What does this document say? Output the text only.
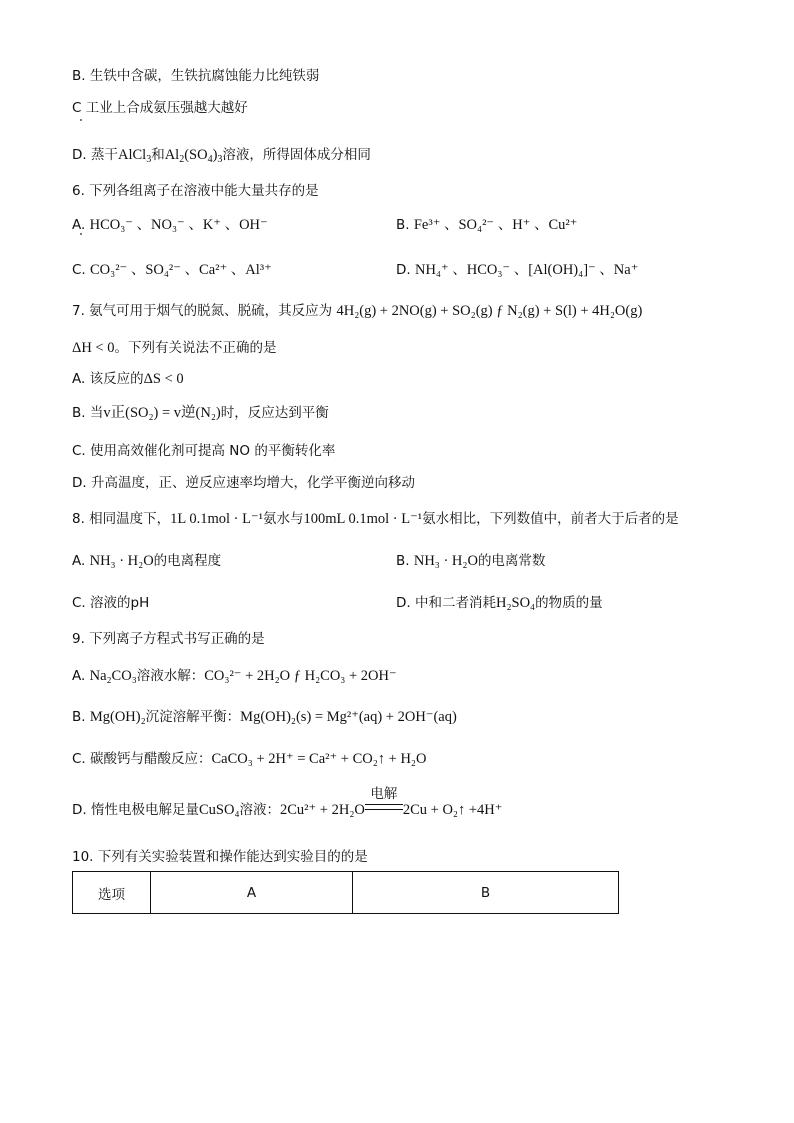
B. 生铁中含碳，生铁抗腐蚀能力比纯铁弱
C 工业上合成氨压强越大越好
D. 蒸干AlCl$_3$和$Al_2(SO_4)_3$溶液，所得固体成分相同
6. 下列各组离子在溶液中能大量共存的是
A. HCO₃⁻ 、NO₃⁻ 、K⁺ 、OH⁻	B. Fe³⁺ 、SO₄²⁻ 、H⁺ 、Cu²⁺
C. CO₃²⁻ 、SO₄²⁻ 、Ca²⁺ 、Al³⁺	D. NH₄⁺ 、HCO₃⁻ 、[Al(OH)₄]⁻ 、Na⁺
7. 氨气可用于烟气的脱氮、脱硫，其反应为 4H₂(g) + 2NO(g) + SO₂(g) ƒ N₂(g) + S(l) + 4H₂O(g)
ΔH < 0。下列有关说法不正确的是
A. 该反应的ΔS < 0
B. 当v正(SO₂) = v逆(N₂)时，反应达到平衡
C. 使用高效催化剂可提高 NO 的平衡转化率
D. 升高温度，正、逆反应速率均增大，化学平衡逆向移动
8. 相同温度下，1L 0.1mol · L⁻¹氨水与100mL 0.1mol · L⁻¹氨水相比，下列数值中，前者大于后者的是
A. NH₃ · H₂O的电离程度	B. NH₃ · H₂O的电离常数
C. 溶液的pH	D. 中和二者消耗H₂SO₄的物质的量
9. 下列离子方程式书写正确的是
A. Na₂CO₃溶液水解：CO₃²⁻ + 2H₂O ƒ H₂CO₃ + 2OH⁻
B. Mg(OH)₂沉淀溶解平衡：Mg(OH)₂(s) = Mg²⁺(aq) + 2OH⁻(aq)
C. 碳酸钙与醋酸反应：CaCO₃ + 2H⁺ = Ca²⁺ + CO₂↑ + H₂O
D. 惰性电极电解足量CuSO₄溶液：2Cu²⁺ + 2H₂O
电解
2Cu + O₂↑ +4H⁺
10. 下列有关实验装置和操作能达到实验目的的是
选项	A	B
